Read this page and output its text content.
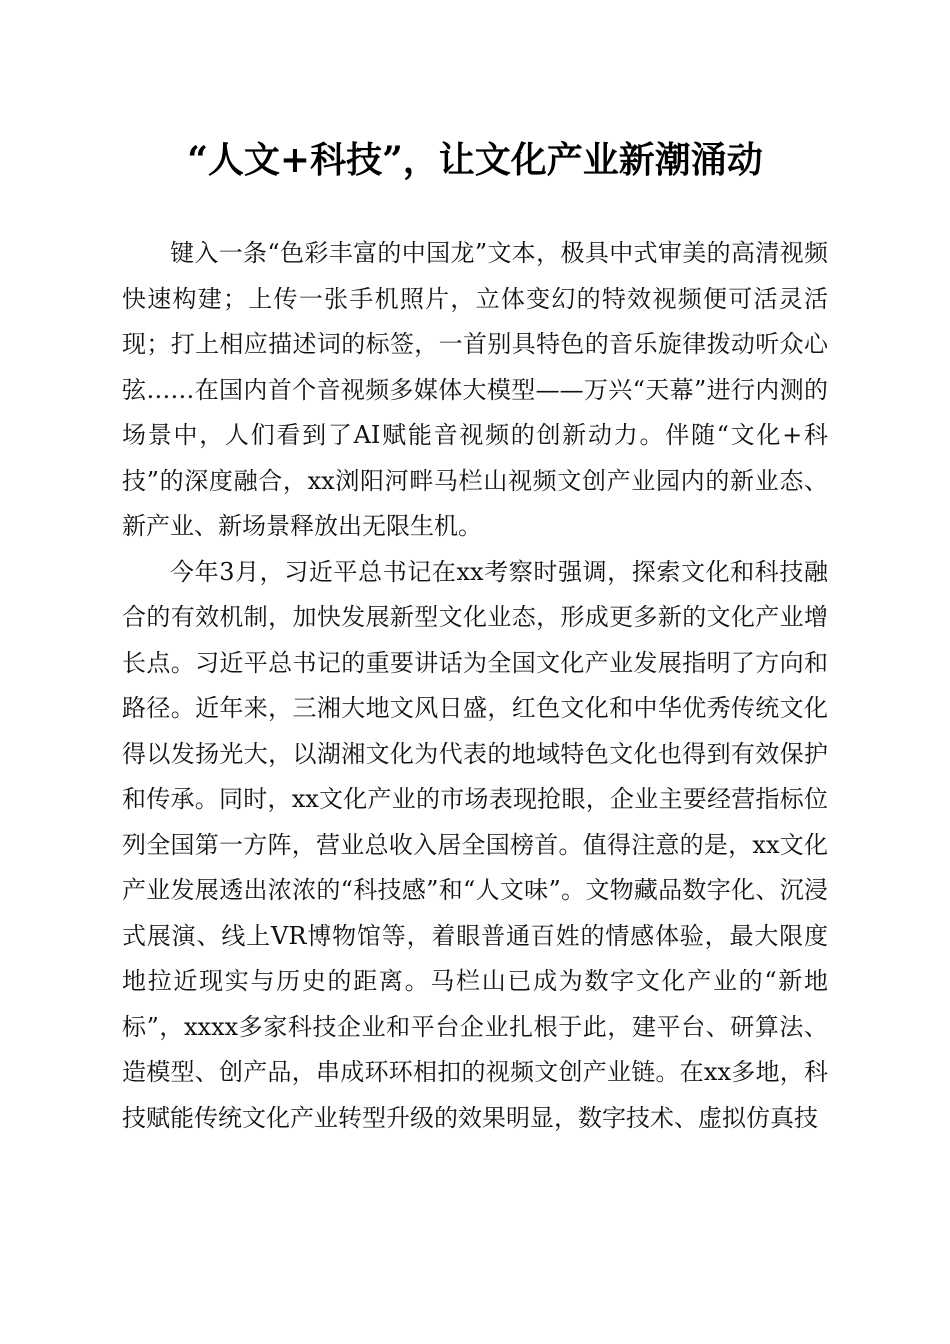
“人文+科技”，让文化产业新潮涌动

键入一条“色彩丰富的中国龙”文本，极具中式审美的高清视频快速构建；上传一张手机照片，立体变幻的特效视频便可活灵活现；打上相应描述词的标签，一首别具特色的音乐旋律拨动听众心弦……在国内首个音视频多媒体大模型——万兴“天幕”进行内测的场景中，人们看到了AI赋能音视频的创新动力。伴随“文化+科技”的深度融合，xx浏阳河畔马栏山视频文创产业园内的新业态、新产业、新场景释放出无限生机。

今年3月，习近平总书记在xx考察时强调，探索文化和科技融合的有效机制，加快发展新型文化业态，形成更多新的文化产业增长点。习近平总书记的重要讲话为全国文化产业发展指明了方向和路径。近年来，三湘大地文风日盛，红色文化和中华优秀传统文化得以发扬光大，以湖湘文化为代表的地域特色文化也得到有效保护和传承。同时，xx文化产业的市场表现抢眼，企业主要经营指标位列全国第一方阵，营业总收入居全国榜首。值得注意的是，xx文化产业发展透出浓浓的“科技感”和“人文味”。文物藏品数字化、沉浸式展演、线上VR博物馆等，着眼普通百姓的情感体验，最大限度地拉近现实与历史的距离。马栏山已成为数字文化产业的“新地标”，xxxx多家科技企业和平台企业扎根于此，建平台、研算法、造模型、创产品，串成环环相扣的视频文创产业链。在xx多地，科技赋能传统文化产业转型升级的效果明显，数字技术、虚拟仿真技
